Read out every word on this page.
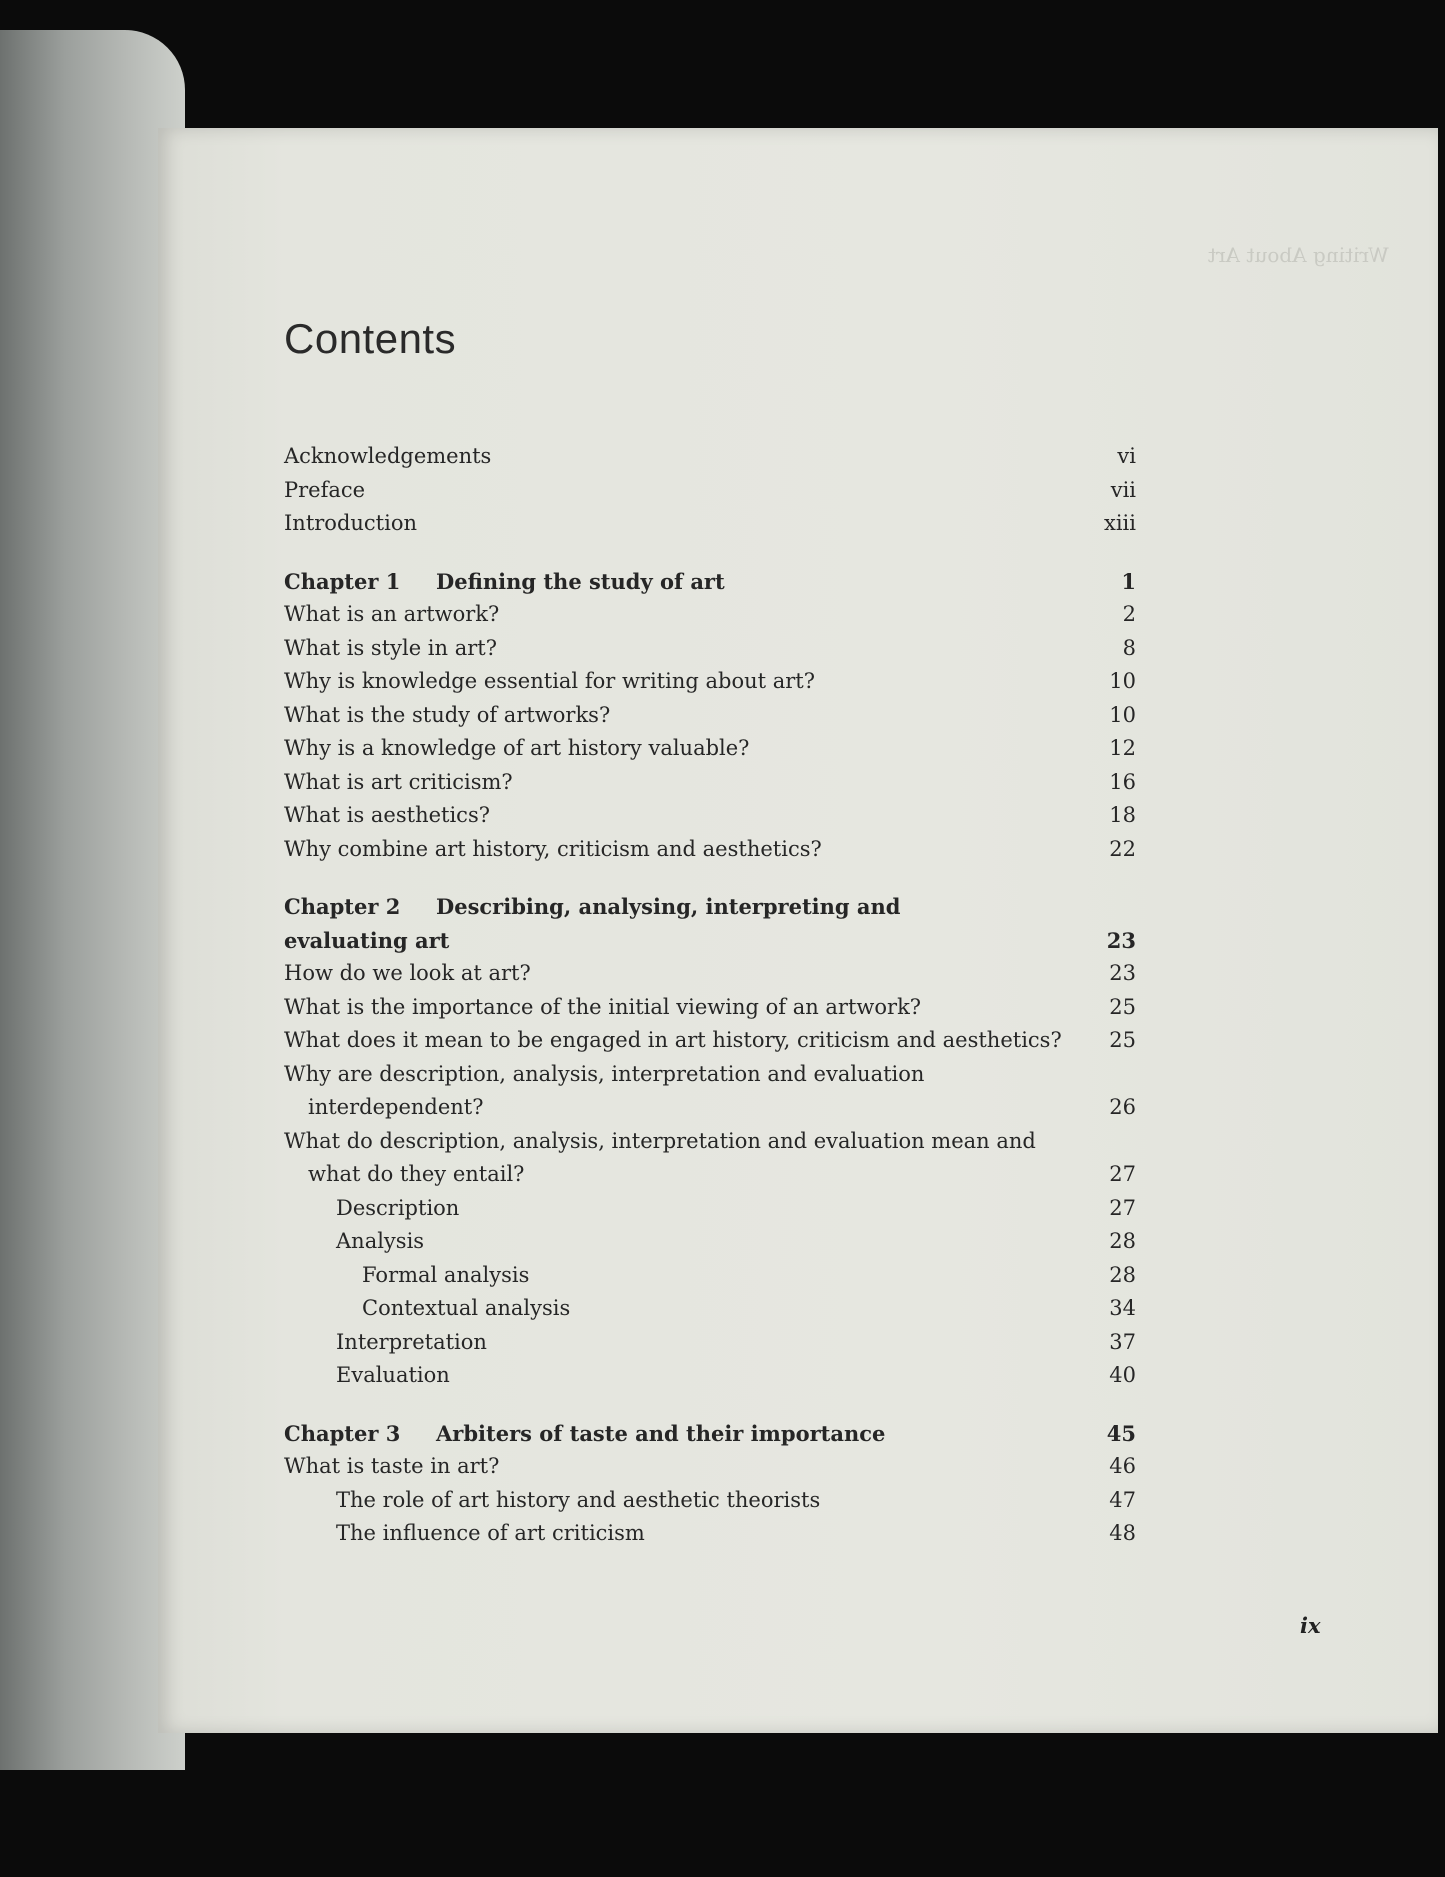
Writing About Art
Contents
Acknowledgements	vi
Preface	vii
Introduction	xiii
Chapter 1 Defining the study of art	1
What is an artwork?	2
What is style in art?	8
Why is knowledge essential for writing about art?	10
What is the study of artworks?	10
Why is a knowledge of art history valuable?	12
What is art criticism?	16
What is aesthetics?	18
Why combine art history, criticism and aesthetics?	22
Chapter 2 Describing, analysing, interpreting and
evaluating art	23
How do we look at art?	23
What is the importance of the initial viewing of an artwork?	25
What does it mean to be engaged in art history, criticism and aesthetics? 25
Why are description, analysis, interpretation and evaluation
interdependent?	26
What do description, analysis, interpretation and evaluation mean and
what do they entail?	27
Description	27
Analysis	28
Formal analysis	28
Contextual analysis	34
Interpretation	37
Evaluation	40
Chapter 3 Arbiters of taste and their importance	45
What is taste in art?	46
The role of art history and aesthetic theorists	47
The influence of art criticism	48
ix
